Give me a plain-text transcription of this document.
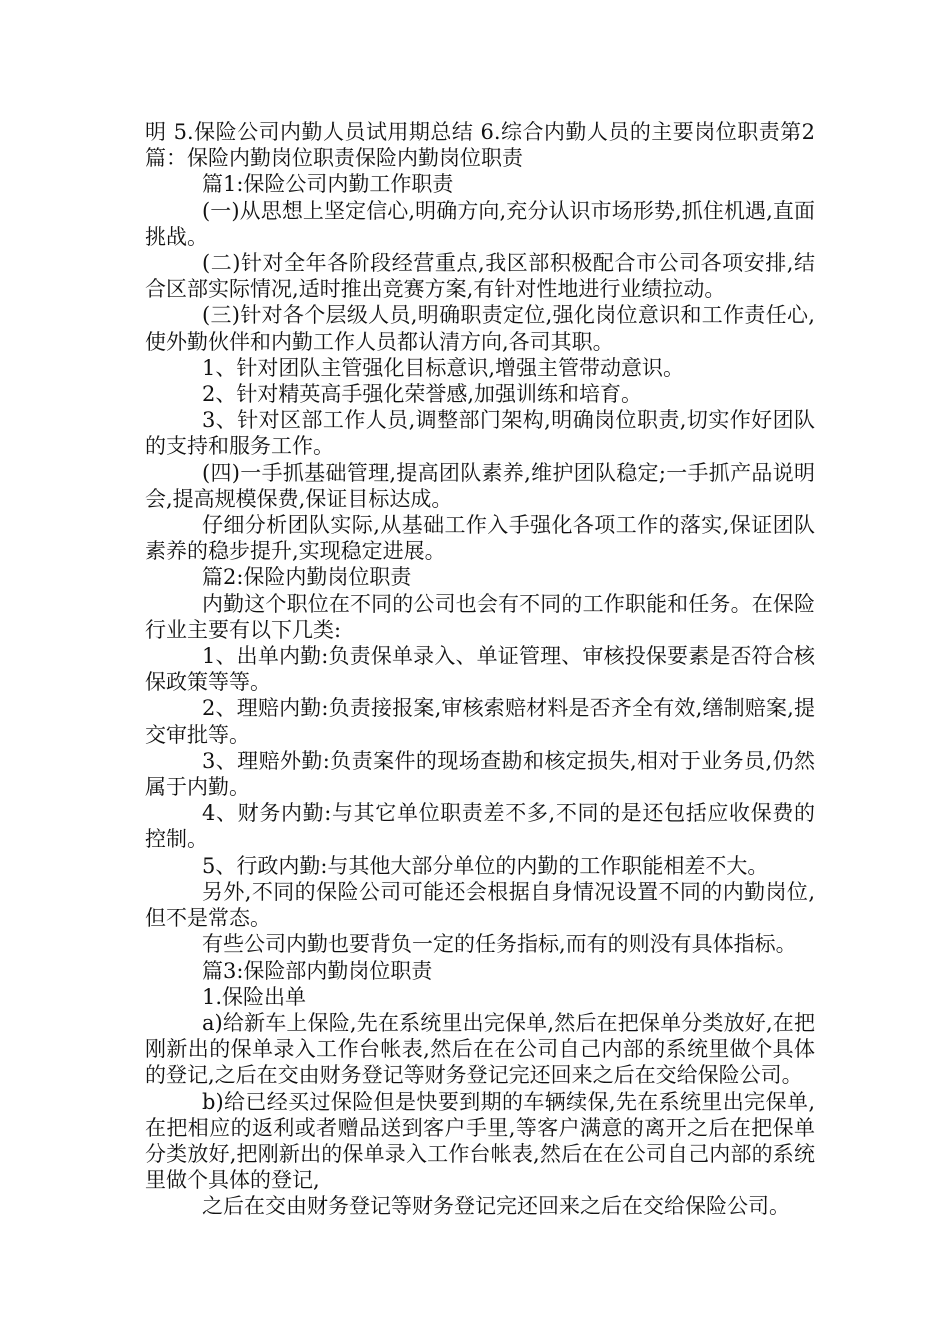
明 5.保险公司内勤人员试用期总结 6.综合内勤人员的主要岗位职责第2篇：保险内勤岗位职责保险内勤岗位职责

篇1:保险公司内勤工作职责

(一)从思想上坚定信心,明确方向,充分认识市场形势,抓住机遇,直面挑战。

(二)针对全年各阶段经营重点,我区部积极配合市公司各项安排,结合区部实际情况,适时推出竞赛方案,有针对性地进行业绩拉动。

(三)针对各个层级人员,明确职责定位,强化岗位意识和工作责任心,使外勤伙伴和内勤工作人员都认清方向,各司其职。

1、针对团队主管强化目标意识,增强主管带动意识。

2、针对精英高手强化荣誉感,加强训练和培育。

3、针对区部工作人员,调整部门架构,明确岗位职责,切实作好团队的支持和服务工作。

(四)一手抓基础管理,提高团队素养,维护团队稳定;一手抓产品说明会,提高规模保费,保证目标达成。

仔细分析团队实际,从基础工作入手强化各项工作的落实,保证团队素养的稳步提升,实现稳定进展。

篇2:保险内勤岗位职责

内勤这个职位在不同的公司也会有不同的工作职能和任务。在保险行业主要有以下几类:

1、出单内勤:负责保单录入、单证管理、审核投保要素是否符合核保政策等等。

2、理赔内勤:负责接报案,审核索赔材料是否齐全有效,缮制赔案,提交审批等。

3、理赔外勤:负责案件的现场查勘和核定损失,相对于业务员,仍然属于内勤。

4、财务内勤:与其它单位职责差不多,不同的是还包括应收保费的控制。

5、行政内勤:与其他大部分单位的内勤的工作职能相差不大。

另外,不同的保险公司可能还会根据自身情况设置不同的内勤岗位,但不是常态。

有些公司内勤也要背负一定的任务指标,而有的则没有具体指标。

篇3:保险部内勤岗位职责

1.保险出单

a)给新车上保险,先在系统里出完保单,然后在把保单分类放好,在把刚新出的保单录入工作台帐表,然后在在公司自己内部的系统里做个具体的登记,之后在交由财务登记等财务登记完还回来之后在交给保险公司。

b)给已经买过保险但是快要到期的车辆续保,先在系统里出完保单,在把相应的返利或者赠品送到客户手里,等客户满意的离开之后在把保单分类放好,把刚新出的保单录入工作台帐表,然后在在公司自己内部的系统里做个具体的登记,

之后在交由财务登记等财务登记完还回来之后在交给保险公司。
